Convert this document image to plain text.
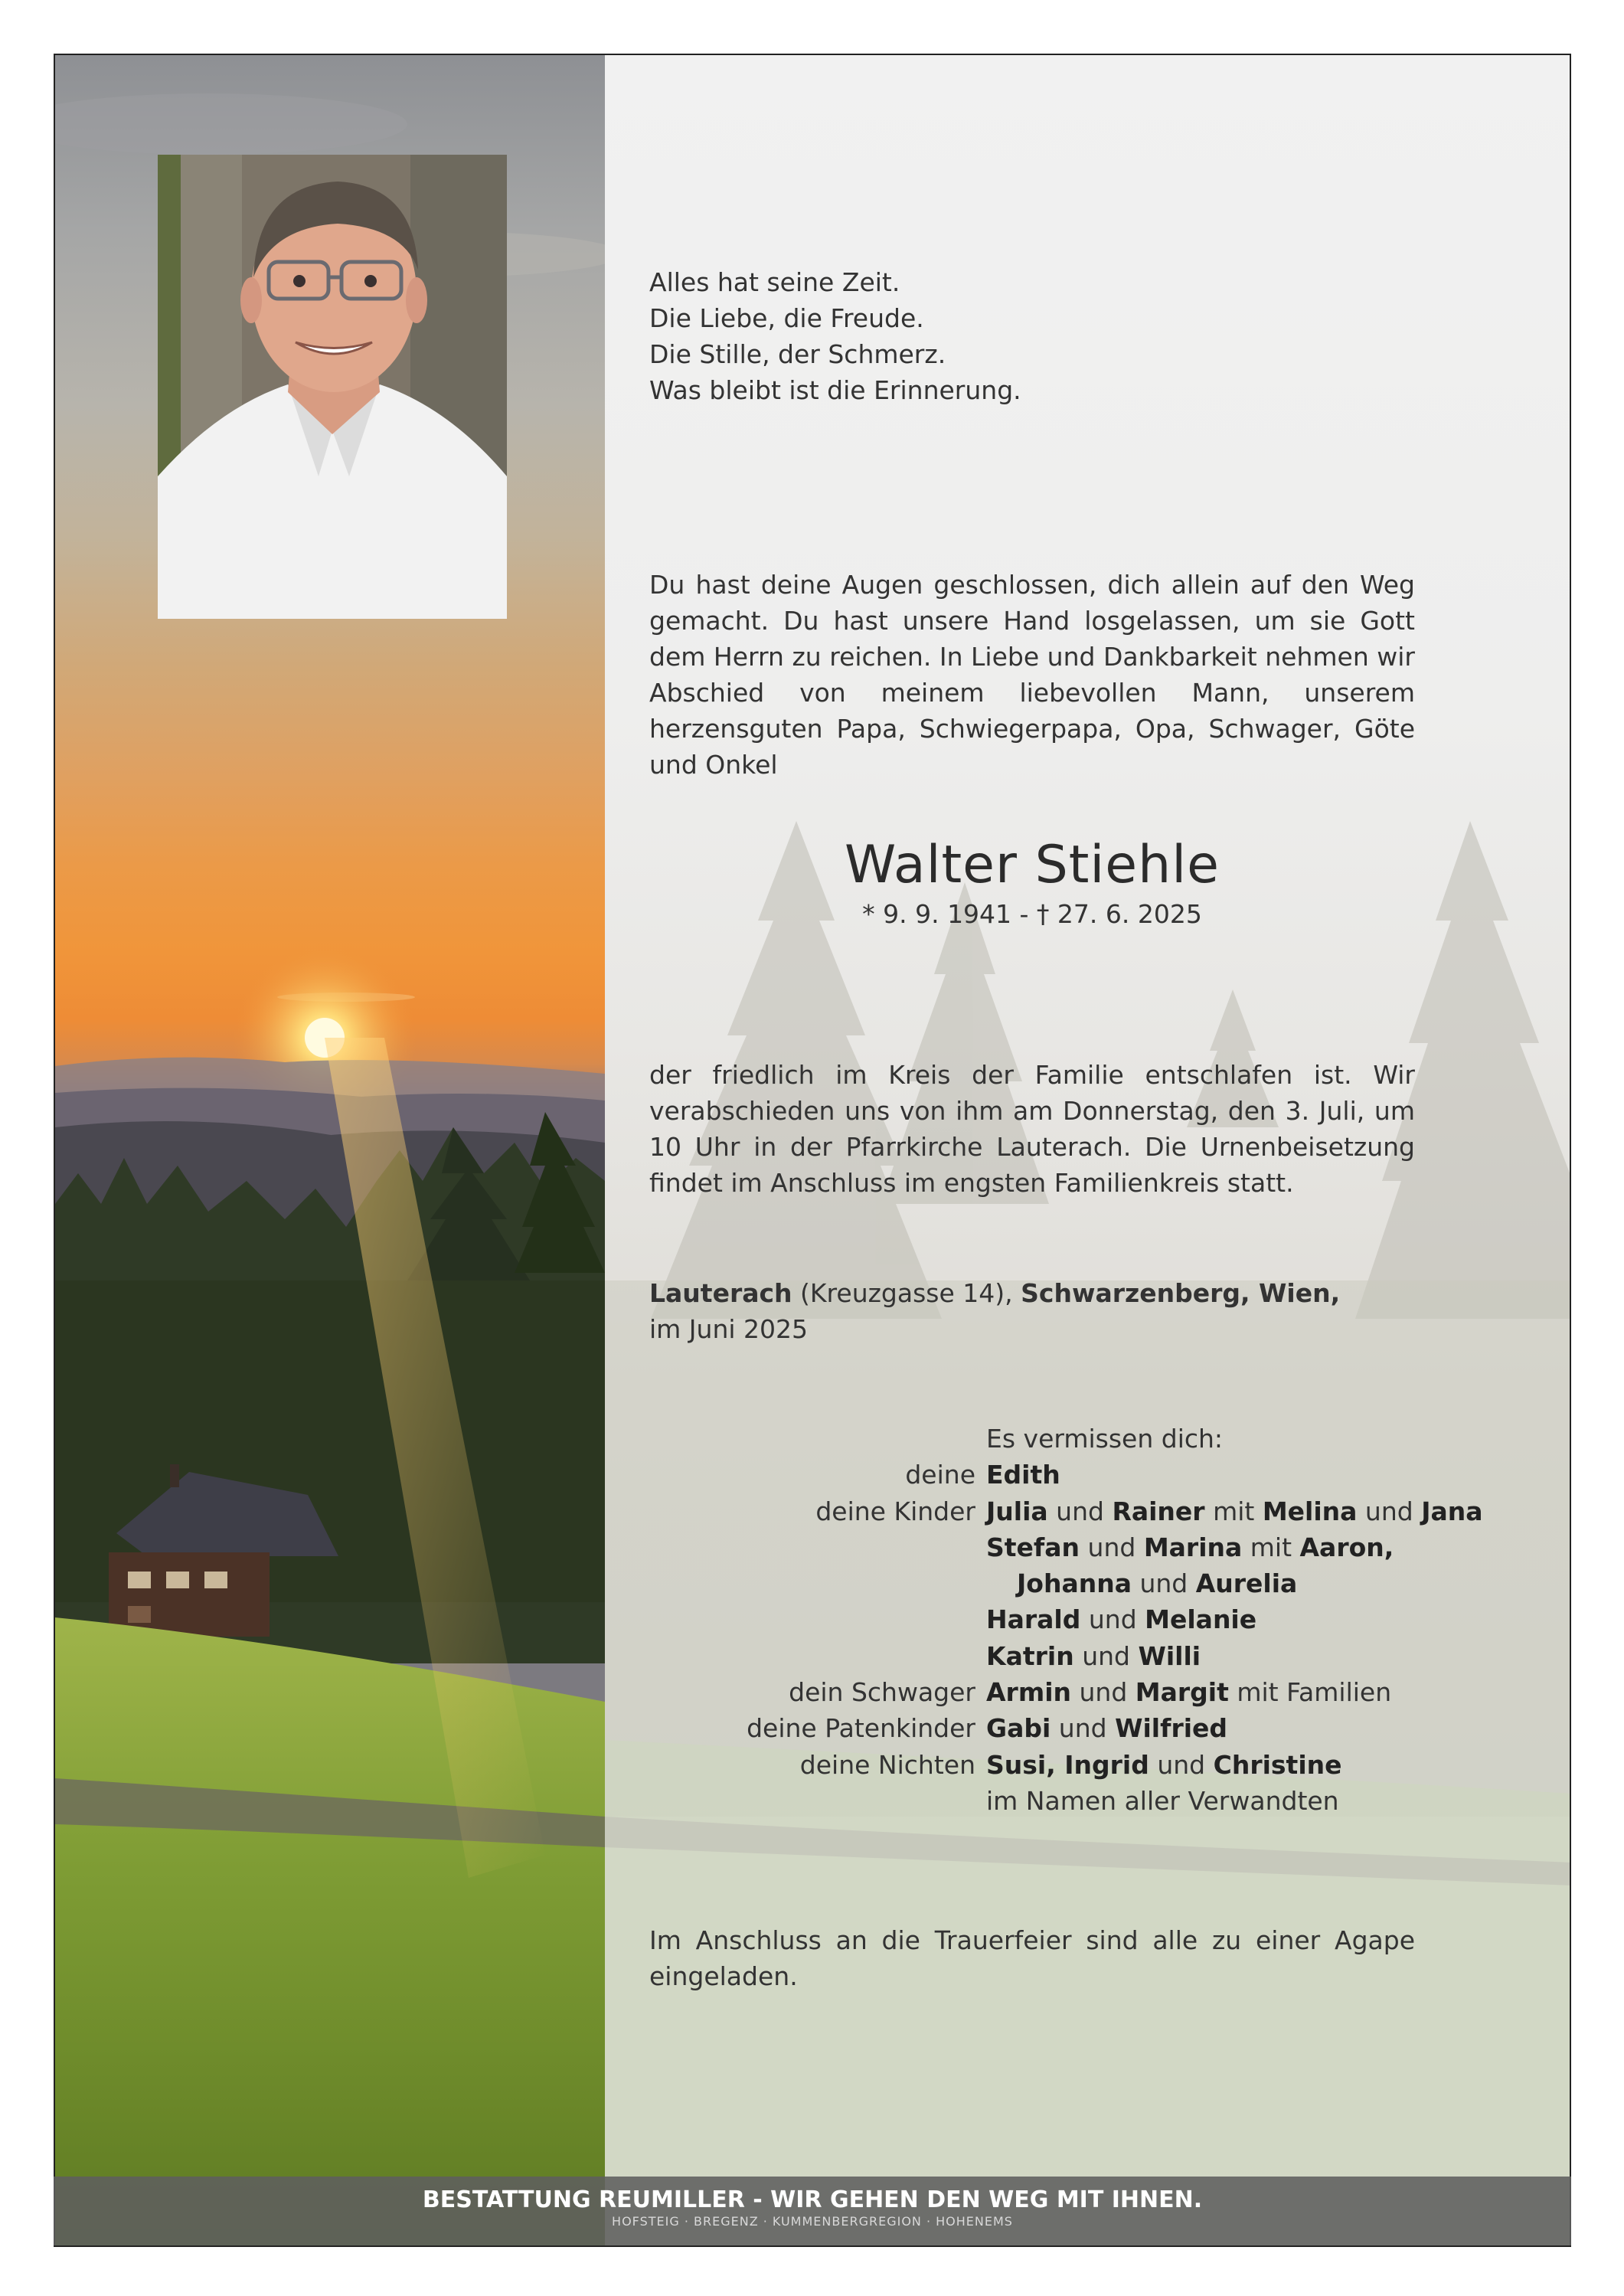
Alles hat seine Zeit.
Die Liebe, die Freude.
Die Stille, der Schmerz.
Was bleibt ist die Erinnerung.
Du hast deine Augen geschlossen, dich allein auf den Weg gemacht. Du hast unsere Hand losgelassen, um sie Gott dem Herrn zu reichen. In Liebe und Dankbarkeit nehmen wir Abschied von meinem liebevollen Mann, unserem herzensguten Papa, Schwiegerpapa, Opa, Schwager, Göte und Onkel
Walter Stiehle
* 9. 9. 1941 - † 27. 6. 2025
der friedlich im Kreis der Familie entschlafen ist. Wir verabschieden uns von ihm am Donnerstag, den 3. Juli, um 10 Uhr in der Pfarrkirche Lauterach. Die Urnenbeisetzung findet im Anschluss im engsten Familienkreis statt.
Lauterach (Kreuzgasse 14), Schwarzenberg, Wien,
im Juni 2025
Es vermissen dich:
deine Edith
deine Kinder Julia und Rainer mit Melina und Jana
Stefan und Marina mit Aaron,
Johanna und Aurelia
Harald und Melanie
Katrin und Willi
dein Schwager Armin und Margit mit Familien
deine Patenkinder Gabi und Wilfried
deine Nichten Susi, Ingrid und Christine
im Namen aller Verwandten
Im Anschluss an die Trauerfeier sind alle zu einer Agape eingeladen.
BESTATTUNG REUMILLER - WIR GEHEN DEN WEG MIT IHNEN.
HOFSTEIG · BREGENZ · KUMMENBERGREGION · HOHENEMS
